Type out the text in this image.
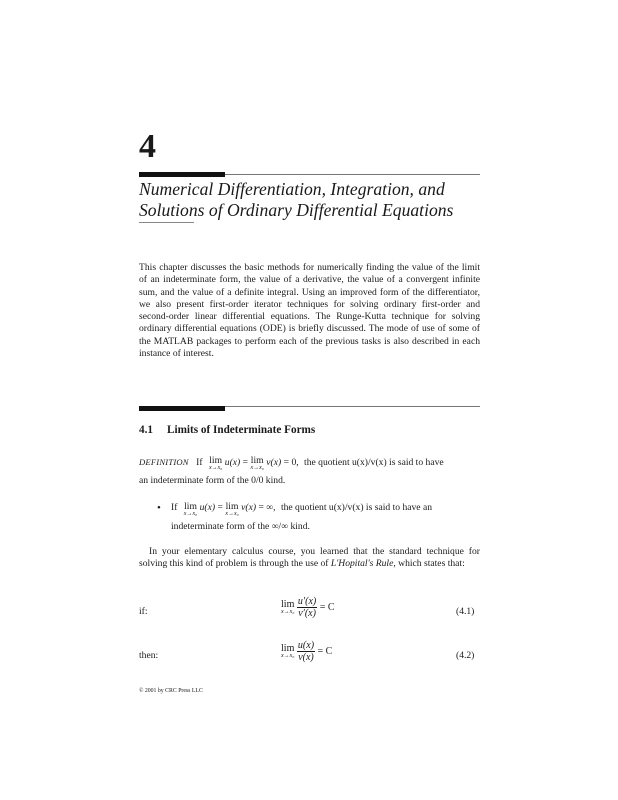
4
Numerical Differentiation, Integration, and
Solutions of Ordinary Differential Equations
This chapter discusses the basic methods for numerically finding the value of the limit of an indeterminate form, the value of a derivative, the value of a convergent infinite sum, and the value of a definite integral. Using an improved form of the differentiator, we also present first-order iterator techniques for solving ordinary first-order and second-order linear differential equations. The Runge-Kutta technique for solving ordinary differential equations (ODE) is briefly discussed. The mode of use of some of the MATLAB packages to perform each of the previous tasks is also described in each instance of interest.
4.1 Limits of Indeterminate Forms
DEFINITION If lim
x→x₀ u(x) = lim
x→x₀ v(x) = 0, the quotient u(x)/v(x) is said to have
an indeterminate form of the 0/0 kind.
• If lim
x→x₀
u(x) = lim
x→x₀
v(x) = ∞, the quotient u(x)/v(x) is said to have an
indeterminate form of the ∞/∞ kind.
In your elementary calculus course, you learned that the standard technique for solving this kind of problem is through the use of L'Hopital's Rule, which states that:
if:
lim
x→x₀
$\frac{u'(x)}{v'(x)} = C$	(4.1)
then:
lim
x→x₀
$\frac{u(x)}{v(x)} = C$	(4.2)
© 2001 by CRC Press LLC
